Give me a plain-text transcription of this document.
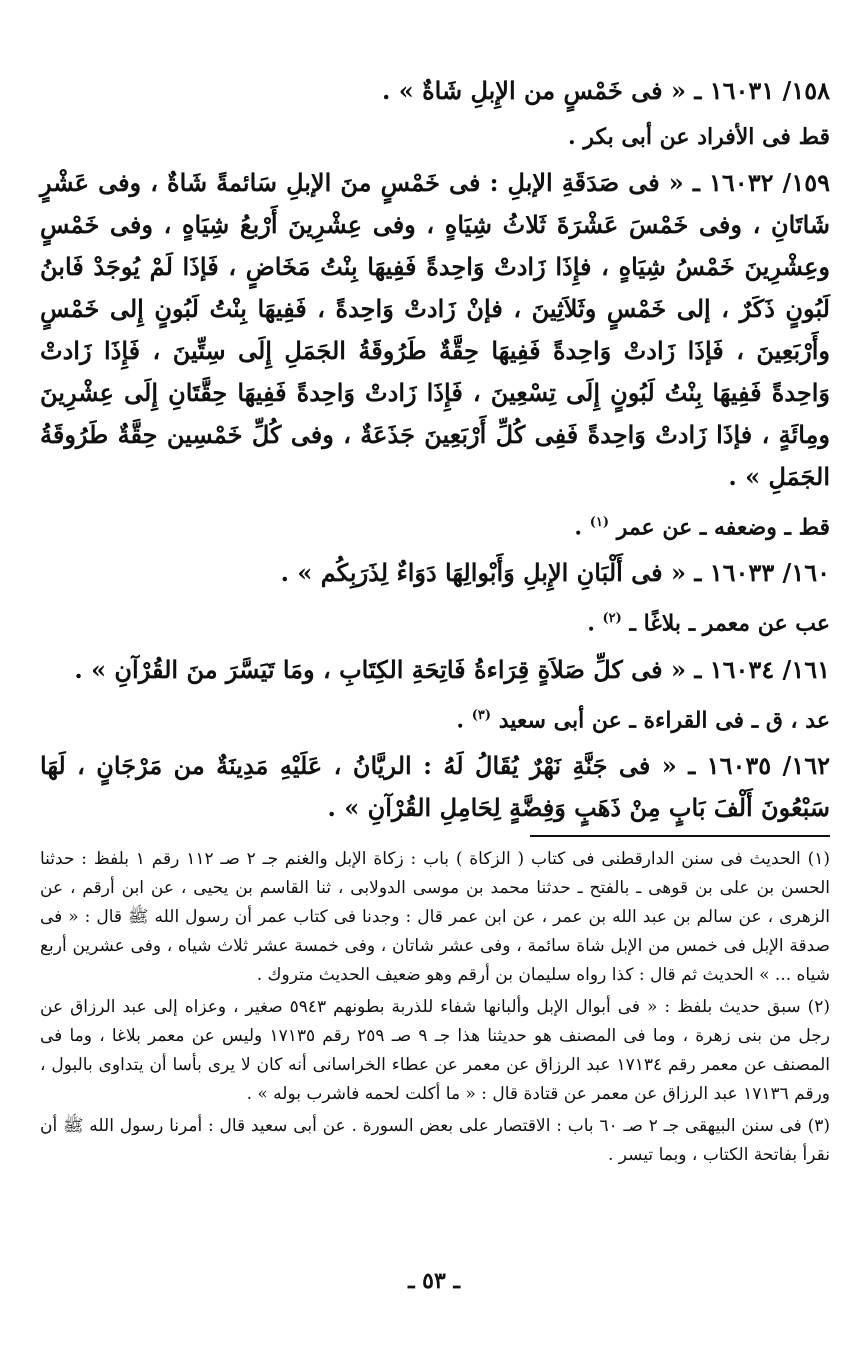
١٥٨/ ١٦٠٣١ ـ « فى خَمْسٍ من الإِبلِ شَاةٌ » .

قط فى الأفراد عن أبى بكر .

١٥٩/ ١٦٠٣٢ ـ « فى صَدَقَةِ الإبلِ : فى خَمْسٍ منَ الإبلِ سَائمةً شَاةٌ ، وفى عَشْرٍ شَاتَانِ ، وفى خَمْسَ عَشْرَةَ ثَلاثُ شِيَاهٍ ، وفى عِشْرِينَ أَرْبعُ شِيَاهٍ ، وفى خَمْسٍ وعِشْرِينَ خَمْسُ شِيَاهٍ ، فإِذَا زَادتْ وَاحِدةً فَفِيهَا بِنْتُ مَخَاضٍ ، فَإذَا لَمْ يُوجَدْ فَابنُ لَبُونٍ ذَكَرٌ ، إلى خَمْسٍ وثَلاَثِينَ ، فإنْ زَادتْ وَاحِدةً ، فَفِيهَا بِنْتُ لَبُونٍ إِلى خَمْسٍ وأَرْبَعِينَ ، فَإذَا زَادتْ وَاحِدةً فَفِيهَا حِقَّةٌ طَرُوقَةُ الجَمَلِ إِلَى سِتِّينَ ، فَإِذَا زَادتْ وَاحِدةً فَفِيهَا بِنْتُ لَبُونٍ إِلَى تِسْعِينَ ، فَإِذَا زَادتْ وَاحِدةً فَفِيهَا حِقَّتَانِ إِلَى عِشْرِينَ ومِائَةٍ ، فإذَا زَادتْ وَاحِدةً فَفِى كُلِّ أَرْبَعِينَ جَذَعَةٌ ، وفى كُلِّ خَمْسِين حِقَّةٌ طَرُوقَةُ الجَمَلِ » .

قط ـ وضعفه ـ عن عمر $^{(١)}$ .

١٦٠/ ١٦٠٣٣ ـ « فى أَلْبَانِ الإِبلِ وَأَبْوالِهَا دَوَاءٌ لِذَرَبِكُم » .

عب عن معمر ـ بلاغًا ـ $^{(٢)}$ .

١٦١/ ١٦٠٣٤ ـ « فى كلِّ صَلاَةٍ قِرَاءةُ فَاتِحَةِ الكِتَابِ ، ومَا تَيَسَّرَ منَ القُرْآنِ » .

عد ، ق ـ فى القراءة ـ عن أبى سعيد $^{(٣)}$ .

١٦٢/ ١٦٠٣٥ ـ « فى جَنَّةِ نَهْرٌ يُقَالُ لَهُ : الريَّانُ ، عَلَيْهِ مَدِينَةٌ من مَرْجَانٍ ، لَهَا سَبْعُونَ أَلْفَ بَابٍ مِنْ ذَهَبٍ وَفِضَّةٍ لِحَامِلِ القُرْآنِ » .

(١) الحديث فى سنن الدارقطنى فى كتاب ( الزكاة ) باب : زكاة الإبل والغنم جـ ٢ صـ ١١٢ رقم ١ بلفظ : حدثنا الحسن بن على بن قوهى ـ بالفتح ـ حدثنا محمد بن موسى الدولابى ، ثنا القاسم بن يحيى ، عن ابن أرقم ، عن الزهرى ، عن سالم بن عبد الله بن عمر ، عن ابن عمر قال : وجدنا فى كتاب عمر أن رسول الله ﷺ قال : « فى صدقة الإبل فى خمس من الإبل شاة سائمة ، وفى عشر شاتان ، وفى خمسة عشر ثلاث شياه ، وفى عشرين أربع شياه ... » الحديث ثم قال : كذا رواه سليمان بن أرقم وهو ضعيف الحديث متروك .

(٢) سبق حديث بلفظ : « فى أبوال الإبل وألبانها شفاء للذربة بطونهم ٥٩٤٣ صغير ، وعزاه إلى عبد الرزاق عن رجل من بنى زهرة ، وما فى المصنف هو حديثنا هذا جـ ٩ صـ ٢٥٩ رقم ١٧١٣٥ وليس عن معمر بلاغا ، وما فى المصنف عن معمر رقم ١٧١٣٤ عبد الرزاق عن معمر عن عطاء الخراسانى أنه كان لا يرى بأسا أن يتداوى بالبول ، ورقم ١٧١٣٦ عبد الرزاق عن معمر عن قتادة قال : « ما أكلت لحمه فاشرب بوله » .

(٣) فى سنن البيهقى جـ ٢ صـ ٦٠ باب : الاقتصار على بعض السورة . عن أبى سعيد قال : أمرنا رسول الله ﷺ أن نقرأ بفاتحة الكتاب ، وبما تيسر .

ـ ٥٣ ـ
